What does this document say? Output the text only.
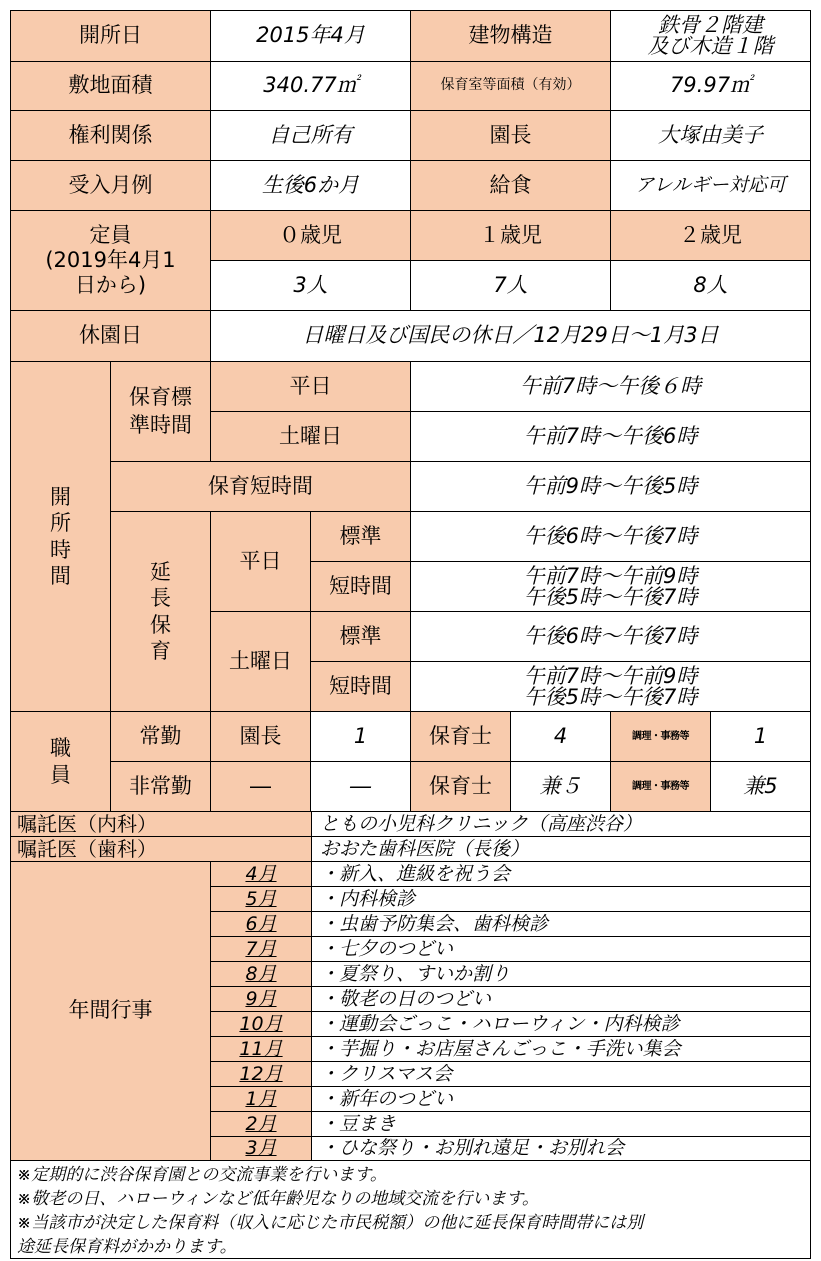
開所日	2015年4月	建物構造	鉄骨２階建
及び木造１階
敷地面積	340.77㎡	保育室等面積（有効）	79.97㎡
権利関係	自己所有	園長	大塚由美子
受入月例	生後6か月	給食	アレルギー対応可
定員
(2019年4月1
日から)
０歳児	１歳児	２歳児
3人	7人	8人
休園日	日曜日及び国民の休日／12月29日～1月3日
開
所
時
間
保育標
準時間
平日	午前7時～午後６時
土曜日	午前7時～午後6時
保育短時間	午前9時～午後5時
延
長
保
育
平日
標準	午後6時～午後7時
短時間	午前7時～午前9時
午後5時～午後7時
土曜日
標準	午後6時～午後7時
短時間	午前7時～午前9時
午後5時～午後7時
職
員
常勤	園長	1	保育士	4	調理・事務等	1
非常勤	―	―	保育士	兼５	調理・事務等	兼5
嘱託医（内科）	ともの小児科クリニック（高座渋谷）
嘱託医（歯科）	おおた歯科医院（長後）
年間行事
4月	・新入、進級を祝う会
5月	・内科検診
6月	・虫歯予防集会、歯科検診
7月	・七夕のつどい
8月	・夏祭り、すいか割り
9月	・敬老の日のつどい
10月	・運動会ごっこ・ハローウィン・内科検診
11月	・芋掘り・お店屋さんごっこ・手洗い集会
12月	・クリスマス会
1月	・新年のつどい
2月	・豆まき
3月	・ひな祭り・お別れ遠足・お別れ会
※定期的に渋谷保育園との交流事業を行います。
※敬老の日、ハローウィンなど低年齢児なりの地域交流を行います。
※当該市が決定した保育料（収入に応じた市民税額）の他に延長保育時間帯には別
途延長保育料がかかります。
